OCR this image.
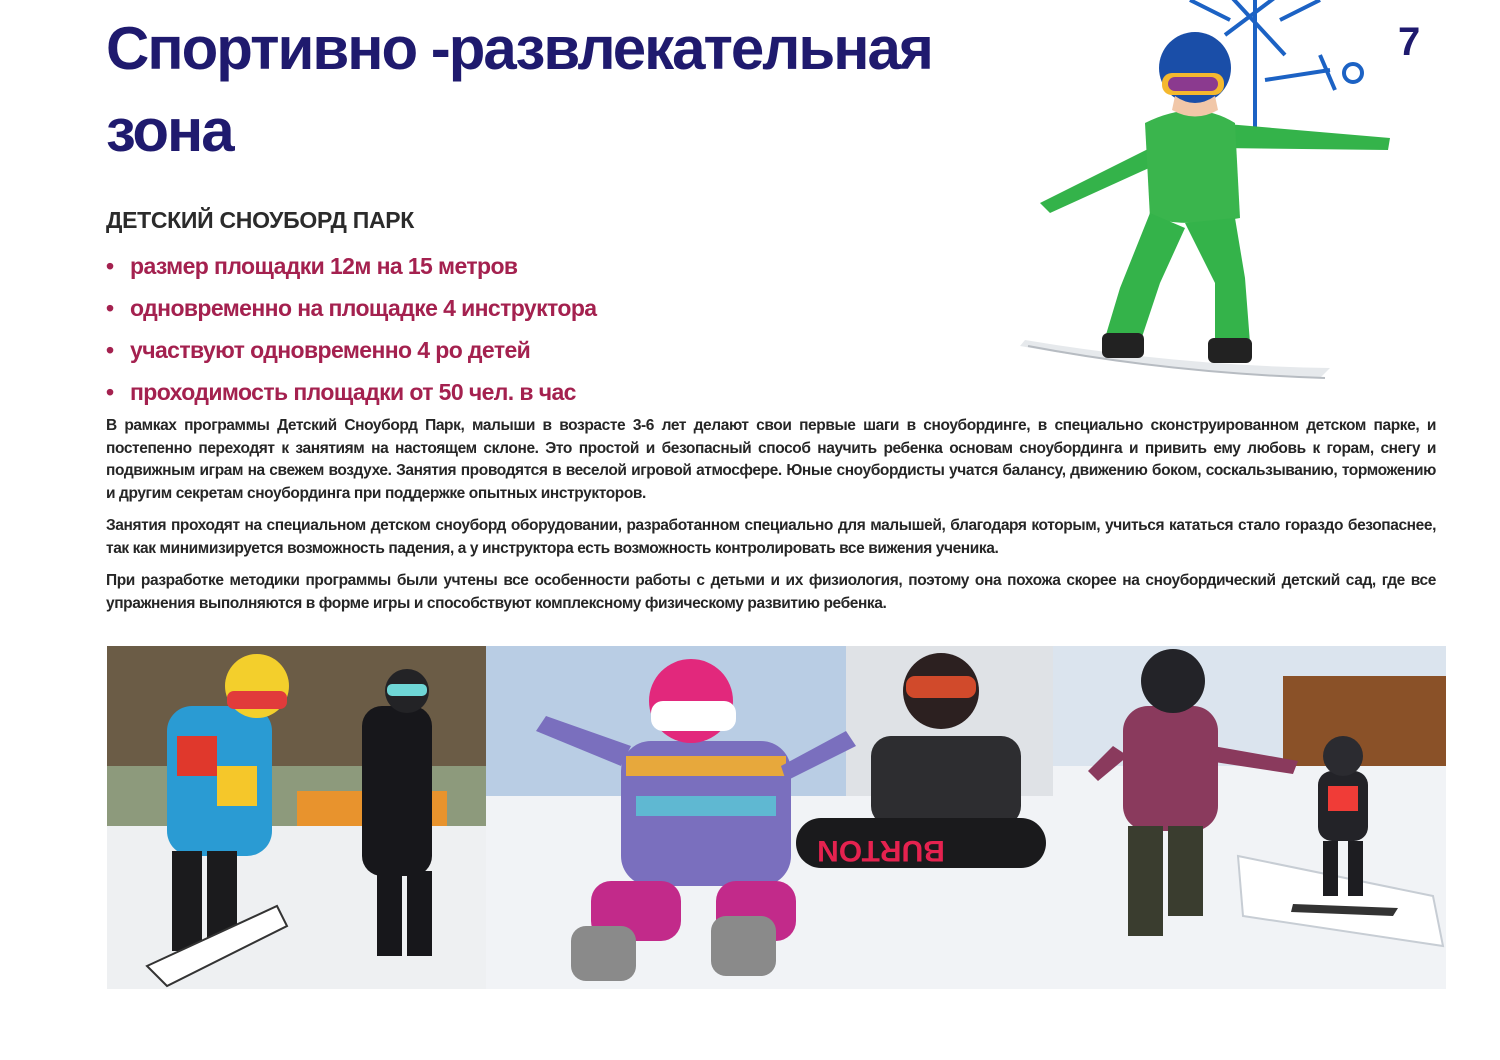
Спортивно -развлекательная
зона
7
ДЕТСКИЙ СНОУБОРД ПАРК
• размер площадки 12м на 15 метров
• одновременно на площадке 4 инструктора
• участвуют одновременно 4 ро детей
• проходимость площадки от 50 чел. в час

В рамках программы Детский Сноуборд Парк, малыши в возрасте 3-6 лет делают свои первые шаги в сноубординге, в специально сконструированном детском парке, и постепенно переходят к занятиям на настоящем склоне. Это простой и безопасный способ научить ребенка основам сноубординга и привить ему любовь к горам, снегу и подвижным играм на свежем воздухе. Занятия проводятся в веселой игровой атмосфере. Юные сноубордисты учатся балансу, движению боком, соскальзыванию, торможению и другим секретам сноубординга при поддержке опытных инструкторов.

Занятия проходят на специальном детском сноуборд оборудовании, разработанном специально для малышей, благодаря которым, учиться кататься стало гораздо безопаснее, так как минимизируется возможность падения, а у инструктора есть возможность контролировать все вижения ученика.

При разработке методики программы были учтены все особенности работы с детьми и их физиология, поэтому она похожа скорее на сноубордический детский сад, где все упражнения выполняются в форме игры и способствуют комплексному физическому развитию ребенка.

BURTON
